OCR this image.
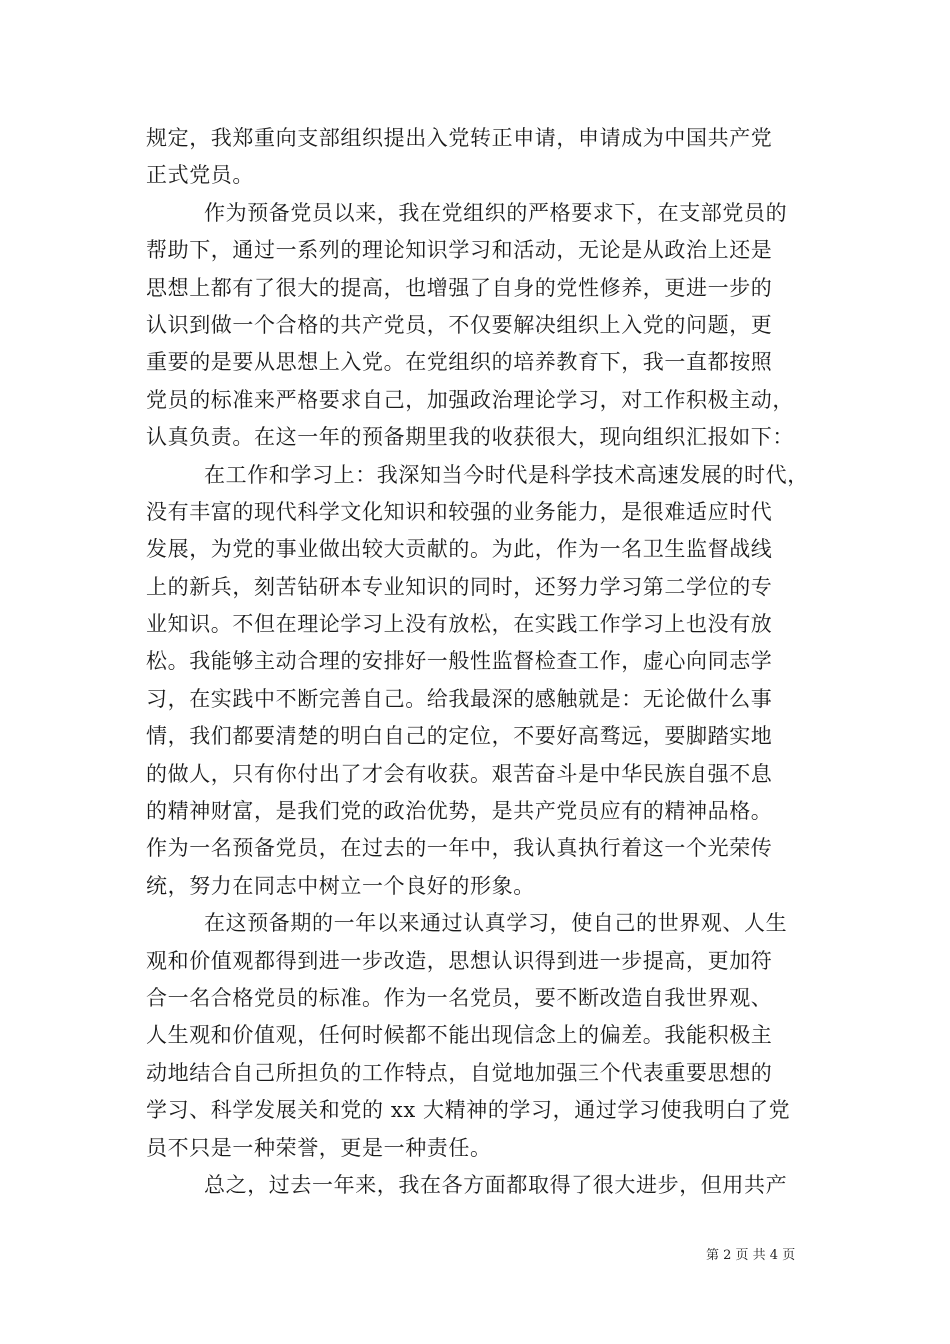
规定，我郑重向支部组织提出入党转正申请，申请成为中国共产党
正式党员。
作为预备党员以来，我在党组织的严格要求下，在支部党员的
帮助下，通过一系列的理论知识学习和活动，无论是从政治上还是
思想上都有了很大的提高，也增强了自身的党性修养，更进一步的
认识到做一个合格的共产党员，不仅要解决组织上入党的问题，更
重要的是要从思想上入党。在党组织的培养教育下，我一直都按照
党员的标准来严格要求自己，加强政治理论学习，对工作积极主动，
认真负责。在这一年的预备期里我的收获很大，现向组织汇报如下：
在工作和学习上：我深知当今时代是科学技术高速发展的时代，
没有丰富的现代科学文化知识和较强的业务能力，是很难适应时代
发展，为党的事业做出较大贡献的。为此，作为一名卫生监督战线
上的新兵，刻苦钻研本专业知识的同时，还努力学习第二学位的专
业知识。不但在理论学习上没有放松，在实践工作学习上也没有放
松。我能够主动合理的安排好一般性监督检查工作，虚心向同志学
习，在实践中不断完善自己。给我最深的感触就是：无论做什么事
情，我们都要清楚的明白自己的定位，不要好高骛远，要脚踏实地
的做人，只有你付出了才会有收获。艰苦奋斗是中华民族自强不息
的精神财富，是我们党的政治优势，是共产党员应有的精神品格。
作为一名预备党员，在过去的一年中，我认真执行着这一个光荣传
统，努力在同志中树立一个良好的形象。
在这预备期的一年以来通过认真学习，使自己的世界观、人生
观和价值观都得到进一步改造，思想认识得到进一步提高，更加符
合一名合格党员的标准。作为一名党员，要不断改造自我世界观、
人生观和价值观，任何时候都不能出现信念上的偏差。我能积极主
动地结合自己所担负的工作特点，自觉地加强三个代表重要思想的
学习、科学发展关和党的 xx 大精神的学习，通过学习使我明白了党
员不只是一种荣誉，更是一种责任。
总之，过去一年来，我在各方面都取得了很大进步，但用共产
第 2 页 共 4 页
